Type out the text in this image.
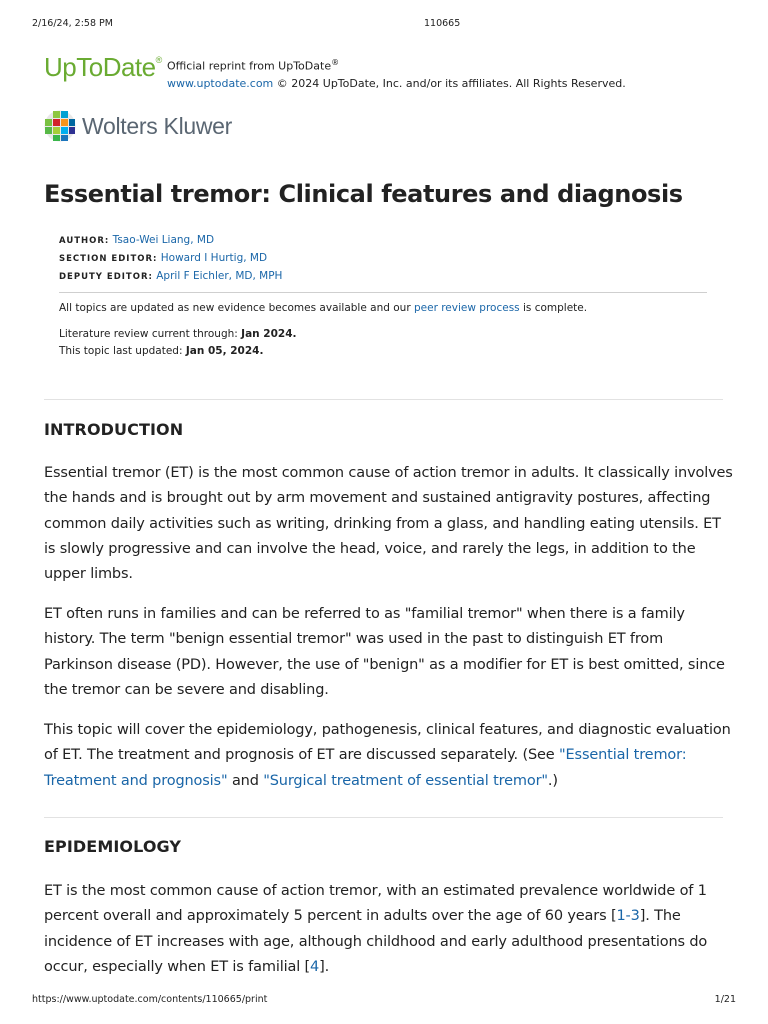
2/16/24, 2:58 PM	110665
UpToDate® Official reprint from UpToDate®
www.uptodate.com © 2024 UpToDate, Inc. and/or its affiliates. All Rights Reserved.
Wolters Kluwer
Essential tremor: Clinical features and diagnosis
AUTHOR: Tsao-Wei Liang, MD
SECTION EDITOR: Howard I Hurtig, MD
DEPUTY EDITOR: April F Eichler, MD, MPH

All topics are updated as new evidence becomes available and our peer review process is complete.

Literature review current through: Jan 2024.

This topic last updated: Jan 05, 2024.

INTRODUCTION

Essential tremor (ET) is the most common cause of action tremor in adults. It classically involves the hands and is brought out by arm movement and sustained antigravity postures, affecting common daily activities such as writing, drinking from a glass, and handling eating utensils. ET is slowly progressive and can involve the head, voice, and rarely the legs, in addition to the upper limbs.

ET often runs in families and can be referred to as "familial tremor" when there is a family history. The term "benign essential tremor" was used in the past to distinguish ET from Parkinson disease (PD). However, the use of "benign" as a modifier for ET is best omitted, since the tremor can be severe and disabling.

This topic will cover the epidemiology, pathogenesis, clinical features, and diagnostic evaluation of ET. The treatment and prognosis of ET are discussed separately. (See "Essential tremor: Treatment and prognosis" and "Surgical treatment of essential tremor".)

EPIDEMIOLOGY

ET is the most common cause of action tremor, with an estimated prevalence worldwide of 1 percent overall and approximately 5 percent in adults over the age of 60 years [1-3]. The incidence of ET increases with age, although childhood and early adulthood presentations do occur, especially when ET is familial [4].

https://www.uptodate.com/contents/110665/print	1/21
